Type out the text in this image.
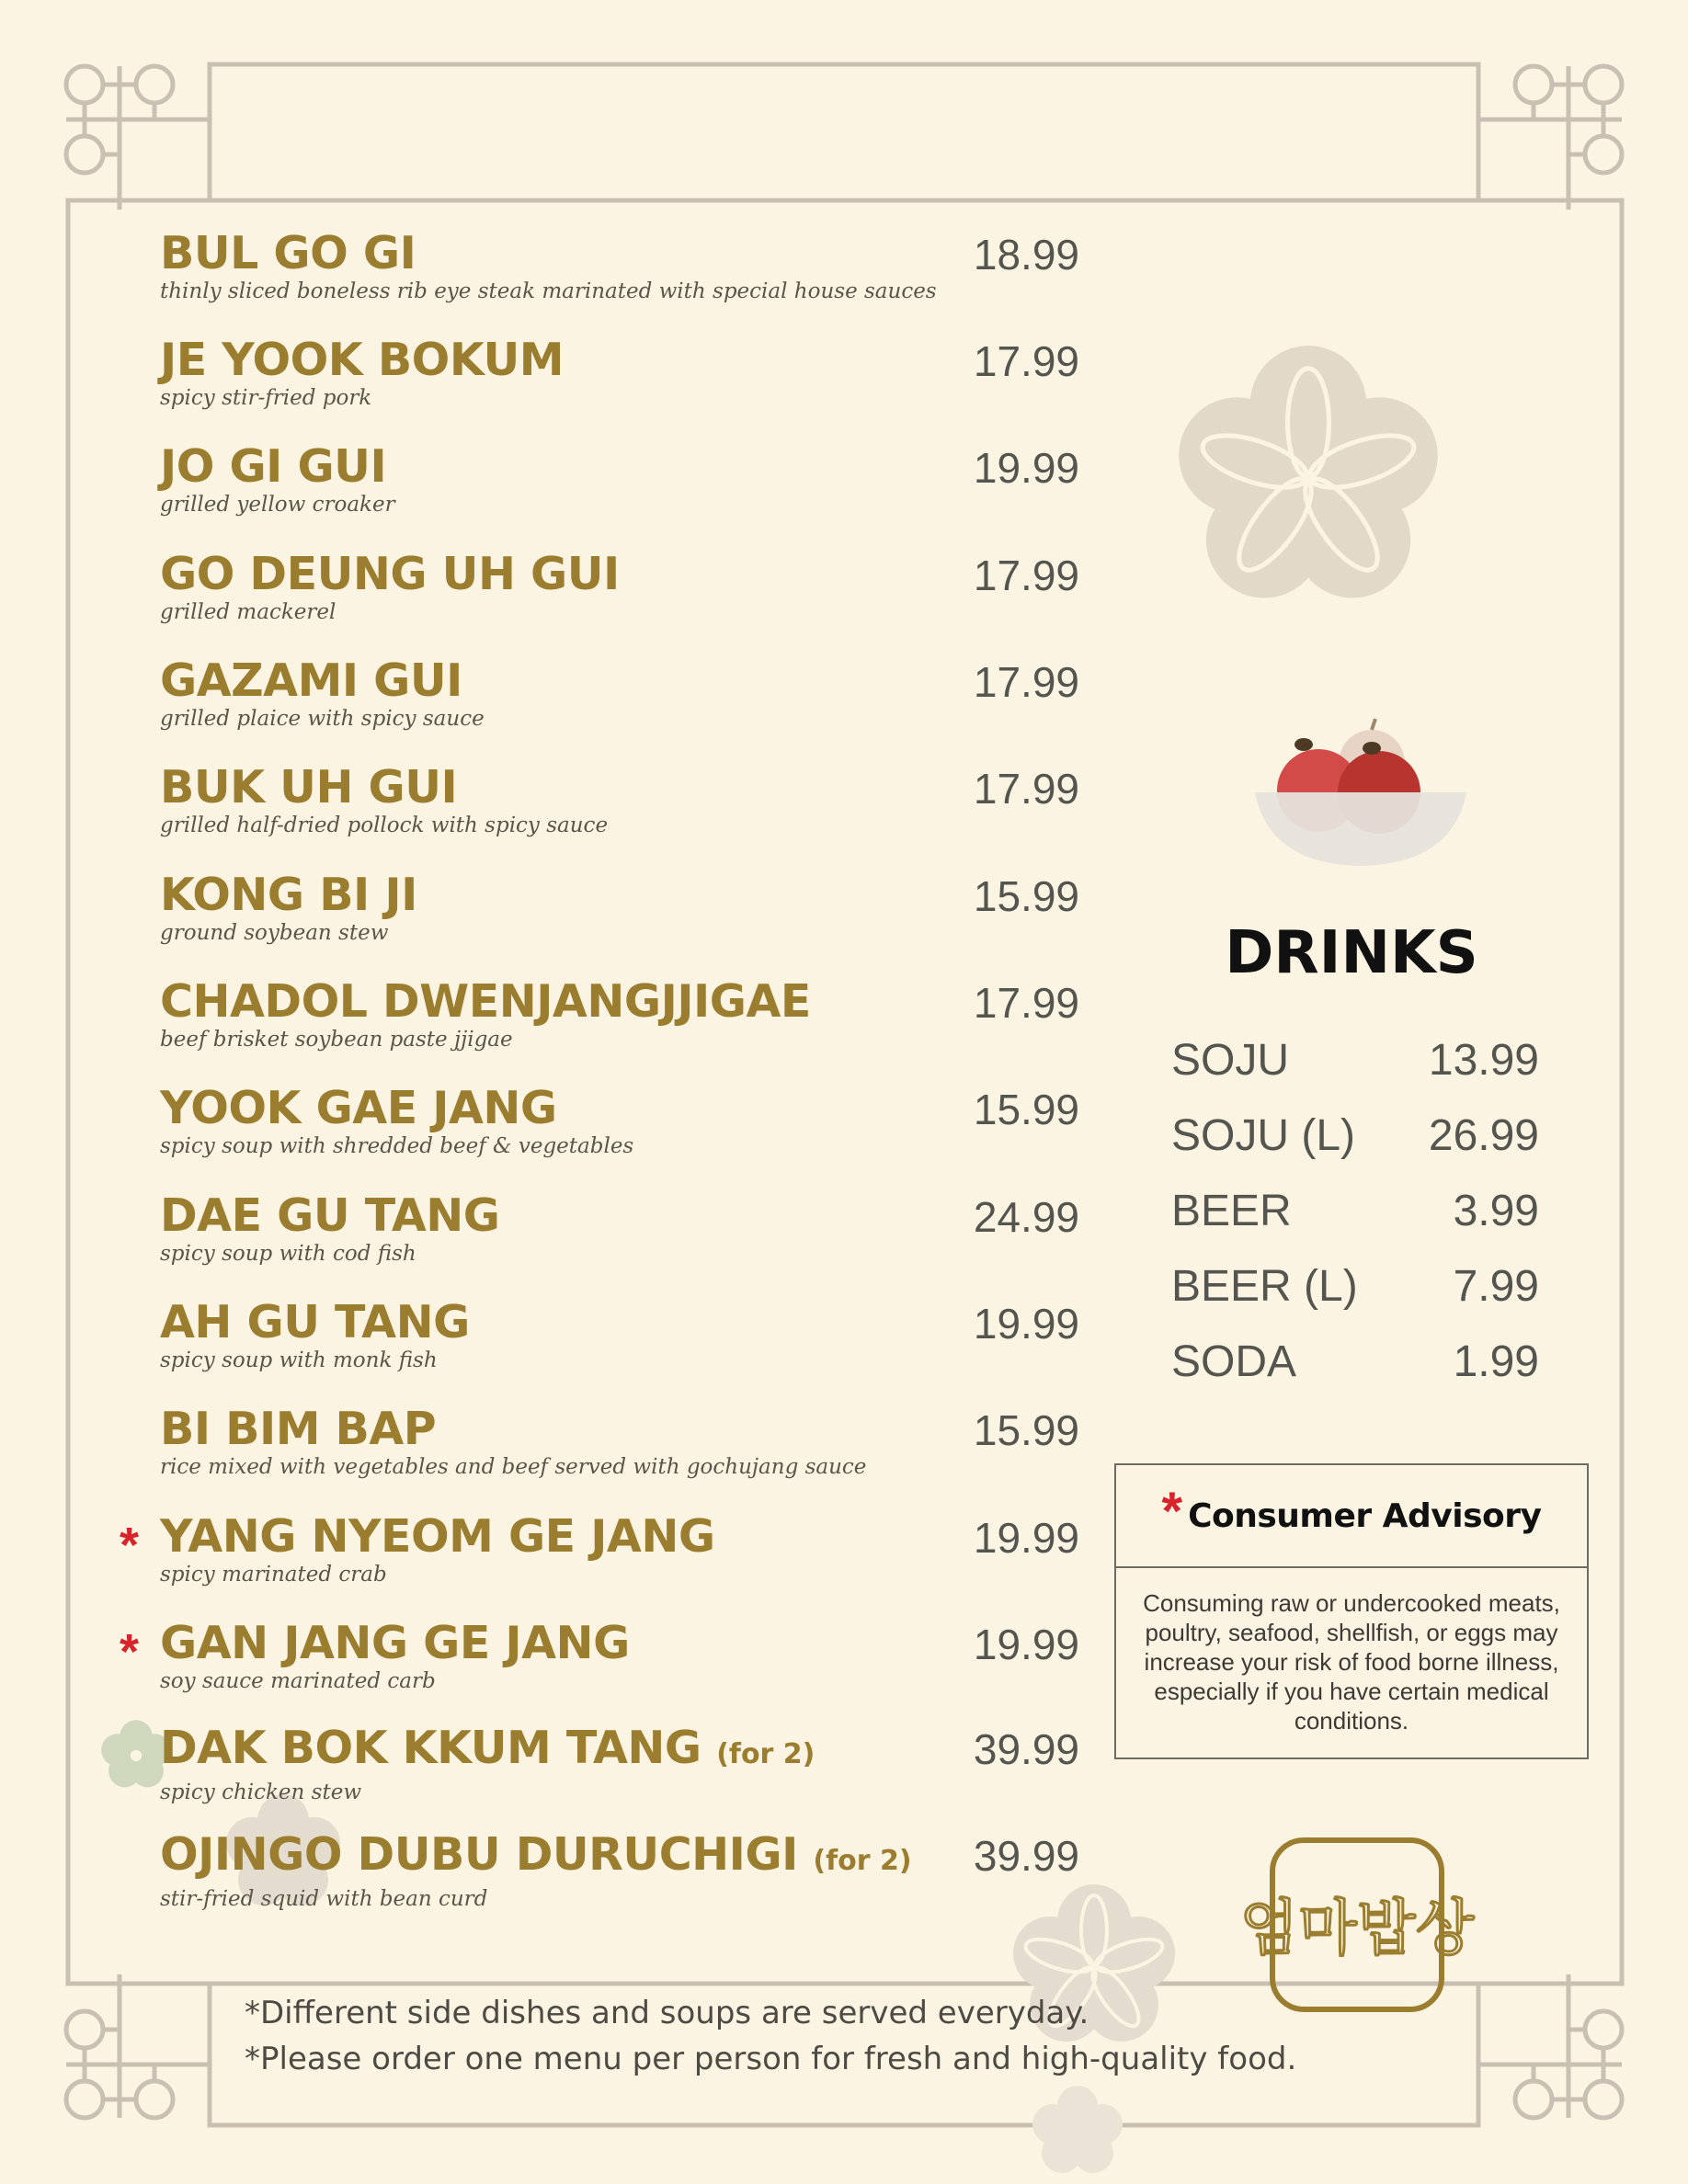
BUL GO GI
thinly sliced boneless rib eye steak marinated with special house sauces
18.99
JE YOOK BOKUM
spicy stir-fried pork
17.99
JO GI GUI
grilled yellow croaker
19.99
GO DEUNG UH GUI
grilled mackerel
17.99
GAZAMI GUI
grilled plaice with spicy sauce
17.99
BUK UH GUI
grilled half-dried pollock with spicy sauce
17.99
KONG BI JI
ground soybean stew
15.99
CHADOL DWENJANGJJIGAE
beef brisket soybean paste jjigae
17.99
YOOK GAE JANG
spicy soup with shredded beef & vegetables
15.99
DAE GU TANG
spicy soup with cod fish
24.99
AH GU TANG
spicy soup with monk fish
19.99
BI BIM BAP
rice mixed with vegetables and beef served with gochujang sauce
15.99
YANG NYEOM GE JANG
spicy marinated crab
19.99
GAN JANG GE JANG
soy sauce marinated carb
19.99
DAK BOK KKUM TANG (for 2)
spicy chicken stew
39.99
OJINGO DUBU DURUCHIGI (for 2)
stir-fried squid with bean curd
39.99
*
*
DRINKS
SOJU	13.99
SOJU (L) 26.99
BEER	3.99
BEER (L) 7.99
SODA	1.99
* Consumer Advisory
Consuming raw or undercooked meats, poultry, seafood, shellfish, or eggs may increase your risk of food borne illness, especially if you have certain medical conditions.
엄마밥상
*Different side dishes and soups are served everyday.
*Please order one menu per person for fresh and high-quality food.
